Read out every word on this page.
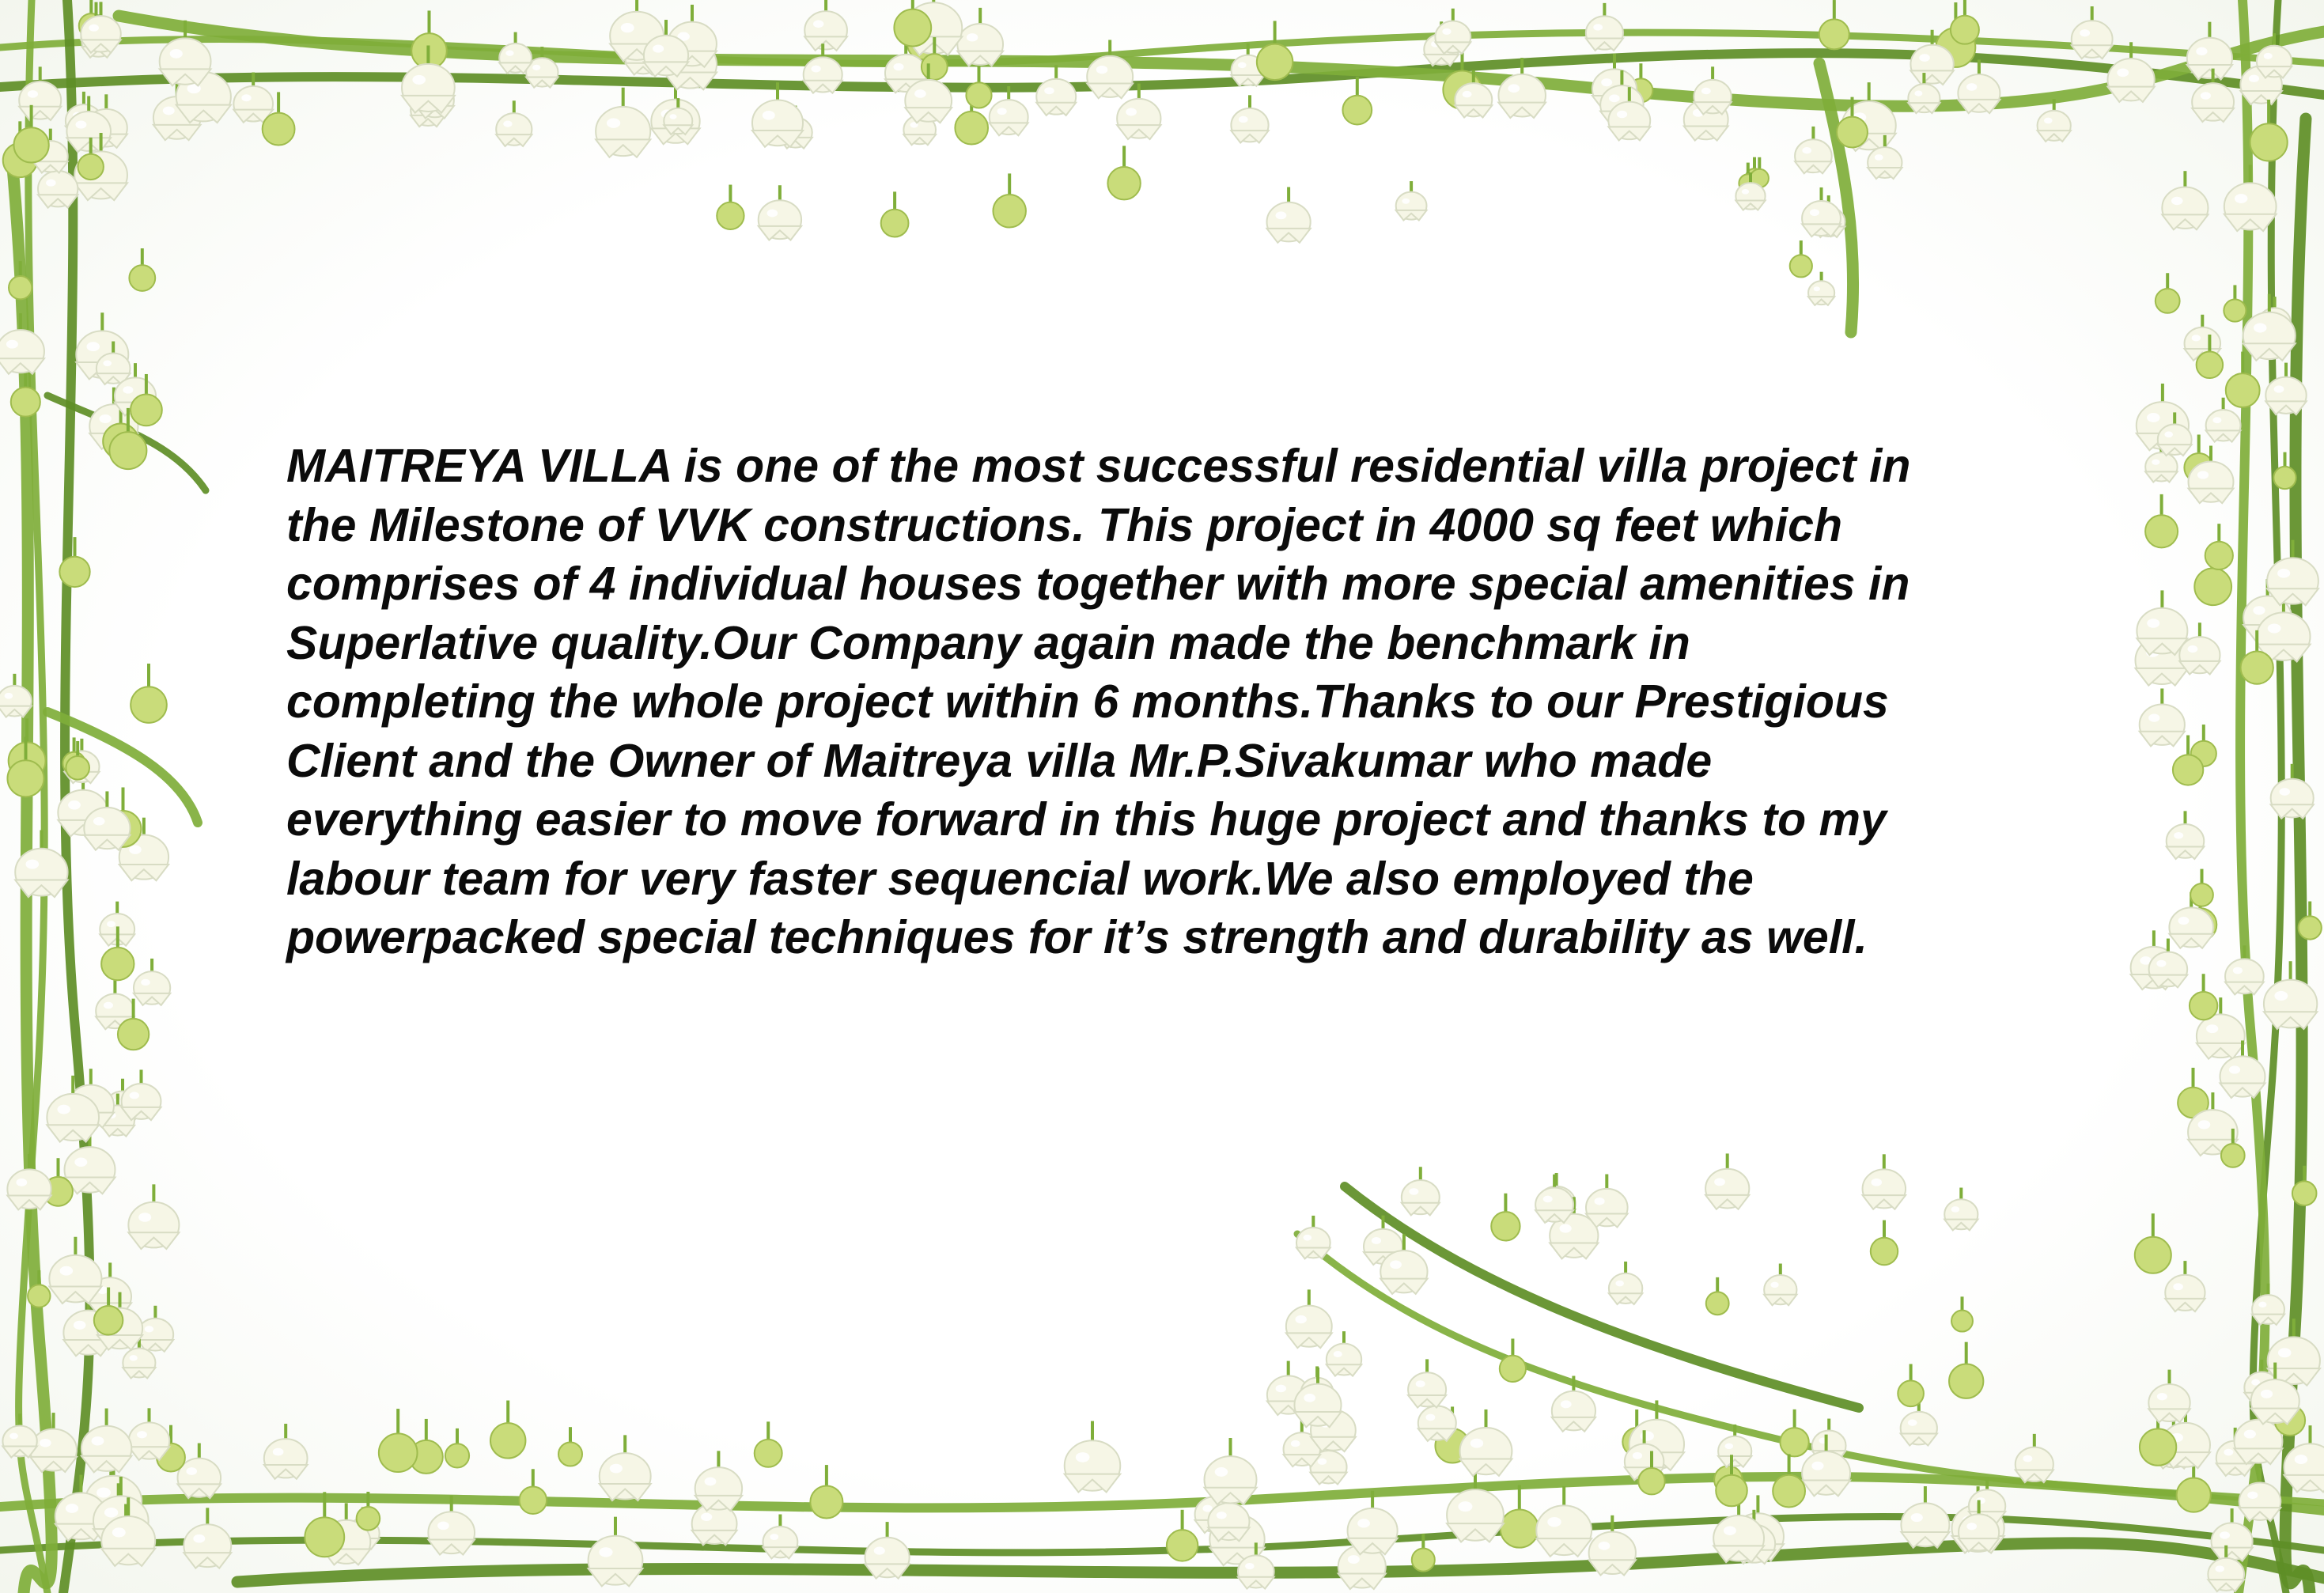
MAITREYA VILLA is one of the most successful residential villa project in
the Milestone of VVK constructions. This project in 4000 sq feet which
comprises of 4 individual houses together with more special amenities in
Superlative quality.Our Company again made the benchmark in
completing the whole project within 6 months.Thanks to our Prestigious
Client and the Owner of Maitreya villa Mr.P.Sivakumar who made
everything easier to move forward in this huge project and thanks to my
labour team for very faster sequencial work.We also employed the
powerpacked special techniques for it’s strength and durability as well.
